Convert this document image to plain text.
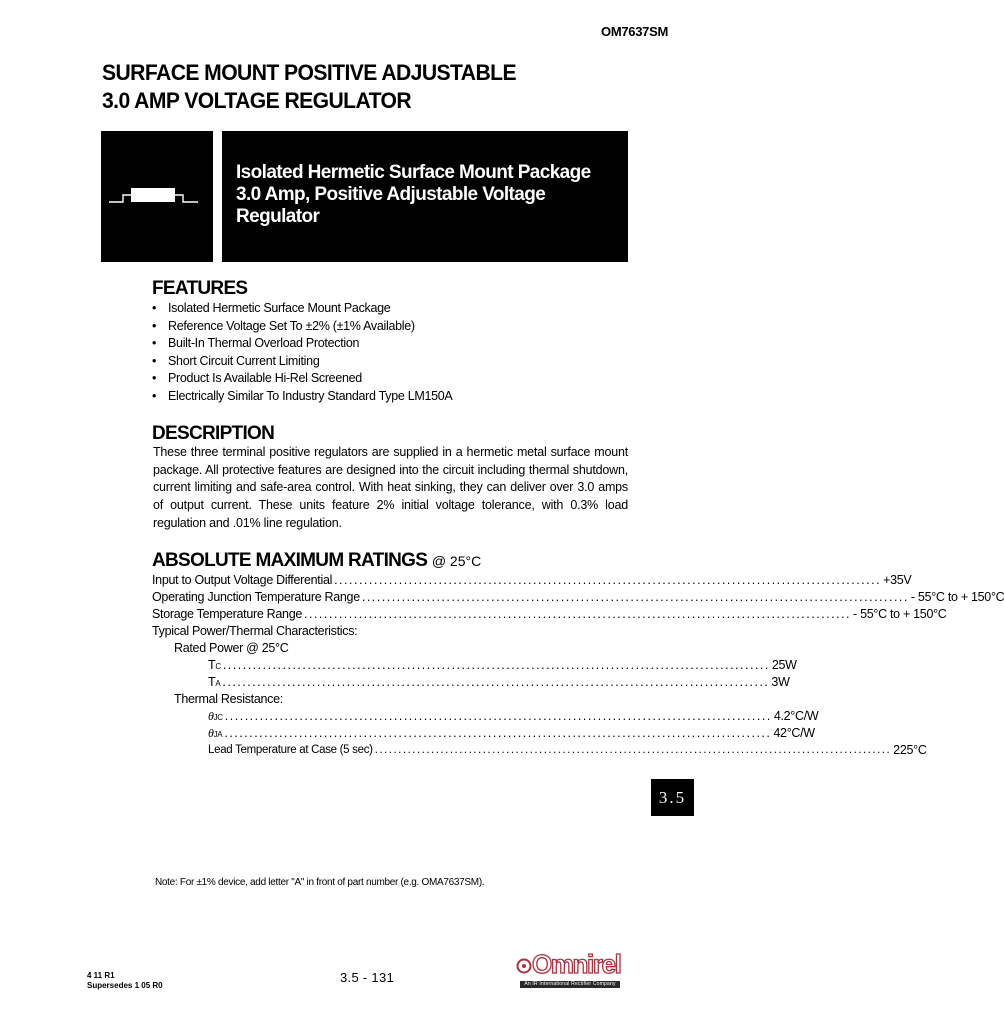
OM7637SM
SURFACE MOUNT POSITIVE ADJUSTABLE
3.0 AMP VOLTAGE REGULATOR
Isolated Hermetic Surface Mount Package
3.0 Amp, Positive Adjustable Voltage
Regulator
FEATURES
• Isolated Hermetic Surface Mount Package
• Reference Voltage Set To ±2% (±1% Available)
• Built-In Thermal Overload Protection
• Short Circuit Current Limiting
• Product Is Available Hi-Rel Screened
• Electrically Similar To Industry Standard Type LM150A
DESCRIPTION
These three terminal positive regulators are supplied in a hermetic metal surface mount package. All protective features are designed into the circuit including thermal shutdown, current limiting and safe-area control. With heat sinking, they can deliver over 3.0 amps of output current. These units feature 2% initial voltage tolerance, with 0.3% load regulation and .01% line regulation.
ABSOLUTE MAXIMUM RATINGS @ 25°C
Input to Output Voltage Differential .............................................................................................................. +35V
Operating Junction Temperature Range .............................................................................................................. - 55°C to + 150°C
Storage Temperature Range .............................................................................................................. - 55°C to + 150°C
Typical Power/Thermal Characteristics:
Rated Power @ 25°C
TC .............................................................................................................. 25W
TA .............................................................................................................. 3W
Thermal Resistance:
θJC .............................................................................................................. 4.2°C/W
θJA .............................................................................................................. 42°C/W
Lead Temperature at Case (5 sec) .............................................................................................................. 225°C
3.5
Note: For ±1% device, add letter "A" in front of part number (e.g. OMA7637SM).
4 11 R1
Supersedes 1 05 R0
3.5 - 131	Omnirel
An IR International Rectifier Company
